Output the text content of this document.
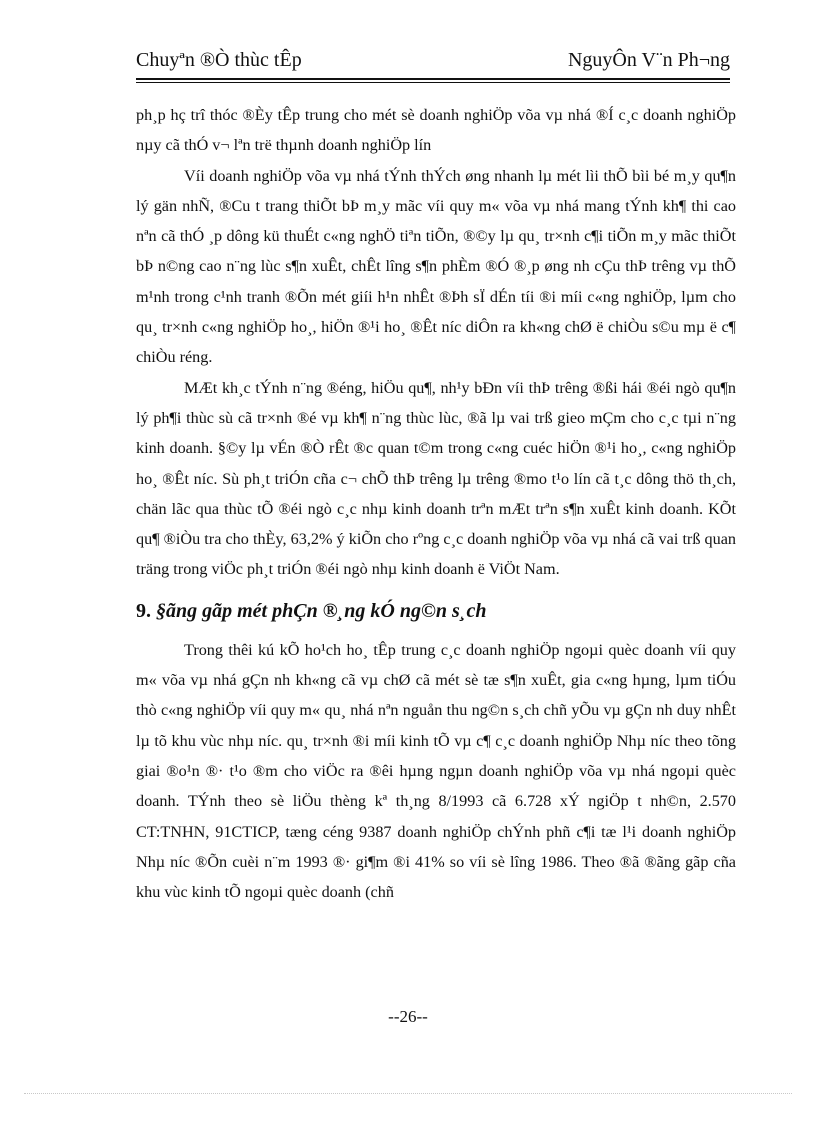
Chuyªn ®Ò thùc tÊp	NguyÔn V¨n Ph¬ng

ph¸p hç trî thóc ®Èy tÊp trung cho mét sè doanh nghiÖp võa vµ nhá ®Í c¸c doanh nghiÖp nµy cã thÓ v¬ lªn trë thµnh doanh nghiÖp lín

Víi doanh nghiÖp võa vµ nhá tÝnh thÝch øng nhanh lµ mét lìi thÕ bìi bé m¸y qu¶n lý gän nhÑ, ®Cu t trang thiÕt bÞ m¸y mãc víi quy m« võa vµ nhá mang tÝnh kh¶ thi cao nªn cã thÓ ¸p dông kü thuÉt c«ng nghÖ tiªn tiÕn, ®©y lµ qu¸ tr×nh c¶i tiÕn m¸y mãc thiÕt bÞ n©ng cao n¨ng lùc s¶n xuÊt, chÊt lîng s¶n phÈm ®Ó ®¸p øng nh cÇu thÞ trêng vµ thÕ m¹nh trong c¹nh tranh ®Õn mét giíi h¹n nhÊt ®Þh sÏ dÉn tíi ®i míi c«ng nghiÖp, lµm cho qu¸ tr×nh c«ng nghiÖp ho¸, hiÖn ®¹i ho¸ ®Êt níc diÔn ra kh«ng chØ ë chiÒu s©u mµ ë c¶ chiÒu réng.

MÆt kh¸c tÝnh n¨ng ®éng, hiÖu qu¶, nh¹y bÐn víi thÞ trêng ®ßi hái ®éi ngò qu¶n lý ph¶i thùc sù cã tr×nh ®é vµ kh¶ n¨ng thùc lùc, ®ã lµ vai trß gieo mÇm cho c¸c tµi n¨ng kinh doanh. §©y lµ vÉn ®Ò rÊt ®c quan t©m trong c«ng cuéc hiÖn ®¹i ho¸, c«ng nghiÖp ho¸ ®Êt níc. Sù ph¸t triÓn cña c¬ chÕ thÞ trêng lµ trêng ®mo t¹o lín cã t¸c dông thö th¸ch, chän lãc qua thùc tÕ ®éi ngò c¸c nhµ kinh doanh trªn mÆt trªn s¶n xuÊt kinh doanh. KÕt qu¶ ®iÒu tra cho thÈy, 63,2% ý kiÕn cho rºng c¸c doanh nghiÖp võa vµ nhá cã vai trß quan träng trong viÖc ph¸t triÓn ®éi ngò nhµ kinh doanh ë ViÖt Nam.

9. §ãng gãp mét phÇn ®¸ng kÓ ng©n s¸ch

Trong thêi kú kÕ ho¹ch ho¸ tÊp trung c¸c doanh nghiÖp ngoµi quèc doanh víi quy m« võa vµ nhá gÇn nh kh«ng cã vµ chØ cã mét sè tæ s¶n xuÊt, gia c«ng hµng, lµm tiÓu thò c«ng nghiÖp víi quy m« qu¸ nhá nªn nguån thu ng©n s¸ch chñ yÕu vµ gÇn nh duy nhÊt lµ tõ khu vùc nhµ níc. qu¸ tr×nh ®i míi kinh tÕ vµ c¶ c¸c doanh nghiÖp Nhµ níc theo tõng giai ®o¹n ®· t¹o ®m cho viÖc ra ®êi hµng ngµn doanh nghiÖp võa vµ nhá ngoµi quèc doanh. TÝnh theo sè liÖu thèng kª th¸ng 8/1993 cã 6.728 xÝ ngiÖp t nh©n, 2.570 CT:TNHN, 91CTICP, tæng céng 9387 doanh nghiÖp chÝnh phñ c¶i tæ l¹i doanh nghiÖp Nhµ níc ®Õn cuèi n¨m 1993 ®· gi¶m ®i 41% so víi sè lîng 1986. Theo ®ã ®ãng gãp cña khu vùc kinh tÕ ngoµi quèc doanh (chñ

--26--
